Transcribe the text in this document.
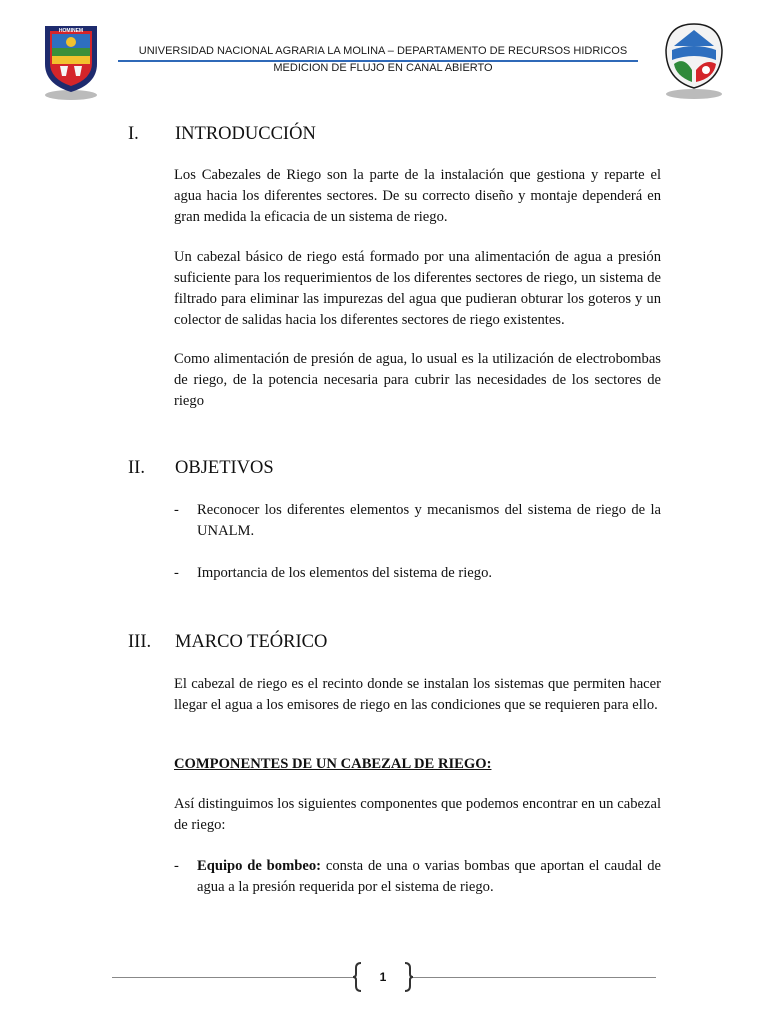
HOMINEM
UNIVERSIDAD NACIONAL AGRARIA LA MOLINA – DEPARTAMENTO DE RECURSOS HIDRICOS
MEDICION DE FLUJO EN CANAL ABIERTO
I. INTRODUCCIÓN

Los Cabezales de Riego son la parte de la instalación que gestiona y reparte el agua hacia los diferentes sectores. De su correcto diseño y montaje dependerá en gran medida la eficacia de un sistema de riego.

Un cabezal básico de riego está formado por una alimentación de agua a presión suficiente para los requerimientos de los diferentes sectores de riego, un sistema de filtrado para eliminar las impurezas del agua que pudieran obturar los goteros y un colector de salidas hacia los diferentes sectores de riego existentes.

Como alimentación de presión de agua, lo usual es la utilización de electrobombas de riego, de la potencia necesaria para cubrir las necesidades de los sectores de riego

II. OBJETIVOS
- Reconocer los diferentes elementos y mecanismos del sistema de riego de la UNALM.
- Importancia de los elementos del sistema de riego.
III. MARCO TEÓRICO

El cabezal de riego es el recinto donde se instalan los sistemas que permiten hacer llegar el agua a los emisores de riego en las condiciones que se requieren para ello.

COMPONENTES DE UN CABEZAL DE RIEGO:

Así distinguimos los siguientes componentes que podemos encontrar en un cabezal de riego:

- Equipo de bombeo: consta de una o varias bombas que aportan el caudal de agua a la presión requerida por el sistema de riego.
1
